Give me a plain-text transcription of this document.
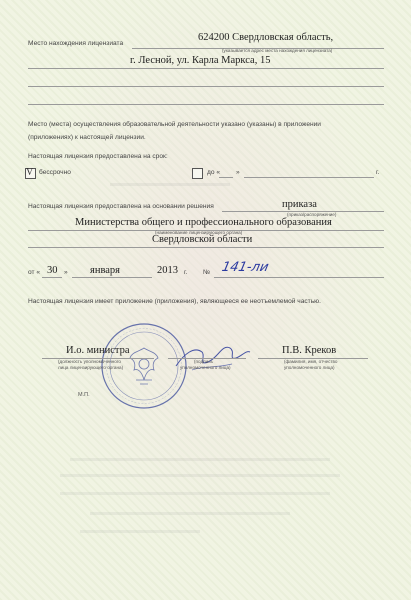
Место нахождения лицензиата
624200 Свердловская область,
(указывается адрес места нахождения лицензиата)
г. Лесной, ул. Карла Маркса, 15
Место (места) осуществления образовательной деятельности указано (указаны) в приложении
(приложениях) к настоящей лицензии.
Настоящая лицензия предоставлена на срок:
V бессрочно	до « »	г.
Настоящая лицензия предоставлена на основании решения	приказа
(приказ/распоряжение)
Министерства общего и профессионального образования
(наименование лицензирующего органа)
Свердловской области
от « 30 » января	2013 г. № 141-ли
Настоящая лицензия имеет приложение (приложения), являющееся ее неотъемлемой частью.
И.о. министра
(должность уполномоченного
лица лицензирующего органа)
(подпись
уполномоченного лица)
П.В. Креков
(фамилия, имя, отчество
уполномоченного лица)
М.П.
